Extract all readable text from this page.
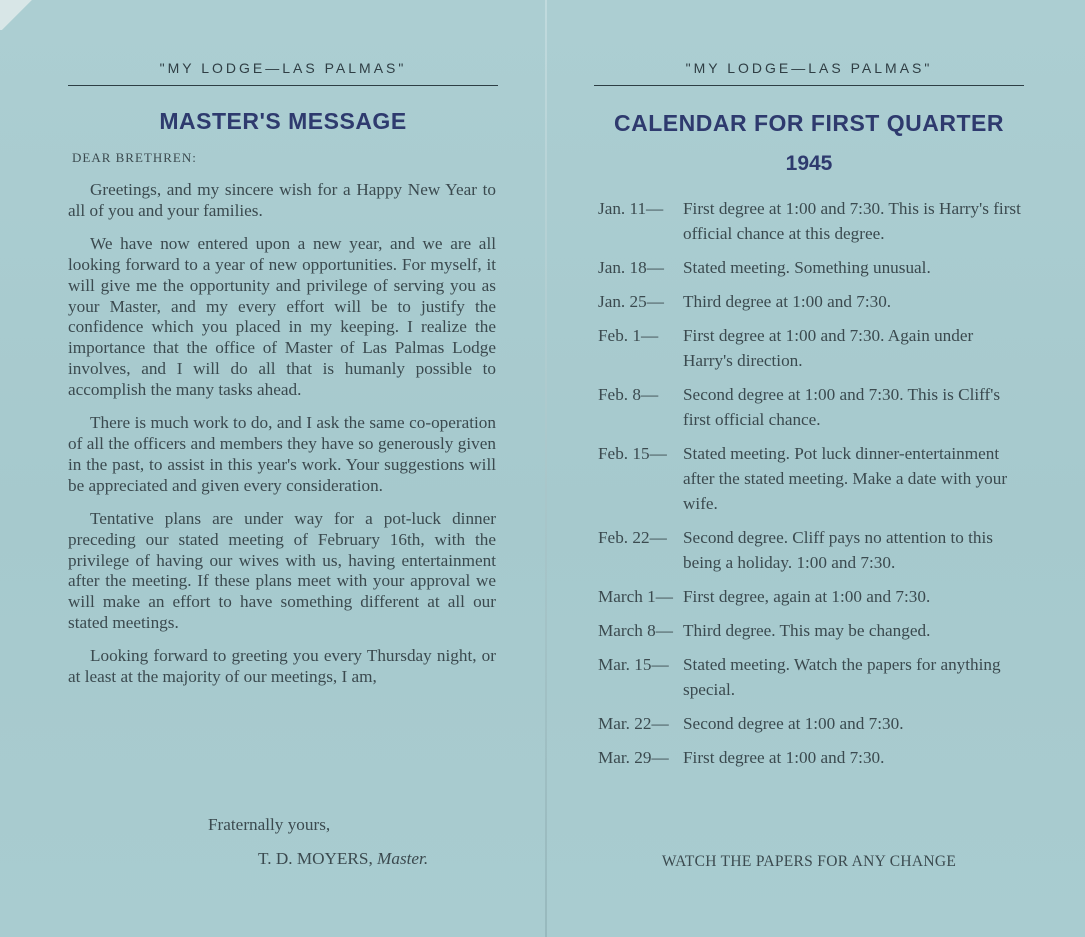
"MY LODGE—LAS PALMAS"
MASTER'S MESSAGE
DEAR BRETHREN:

Greetings, and my sincere wish for a Happy New Year to all of you and your families.

We have now entered upon a new year, and we are all looking forward to a year of new opportunities. For myself, it will give me the opportunity and privilege of serving you as your Master, and my every effort will be to justify the confidence which you placed in my keeping. I realize the importance that the office of Master of Las Palmas Lodge involves, and I will do all that is humanly possible to accomplish the many tasks ahead.

There is much work to do, and I ask the same co-operation of all the officers and members they have so generously given in the past, to assist in this year's work. Your suggestions will be appreciated and given every consideration.

Tentative plans are under way for a pot-luck dinner preceding our stated meeting of February 16th, with the privilege of having our wives with us, having entertainment after the meeting. If these plans meet with your approval we will make an effort to have something different at all our stated meetings.

Looking forward to greeting you every Thursday night, or at least at the majority of our meetings, I am,

Fraternally yours,
T. D. MOYERS, Master.
"MY LODGE—LAS PALMAS"
CALENDAR FOR FIRST QUARTER
1945
Jan. 11—	First degree at 1:00 and 7:30. This is Harry's first official chance at this degree.
Jan. 18—	Stated meeting. Something unusual.
Jan. 25—	Third degree at 1:00 and 7:30.
Feb. 1—	First degree at 1:00 and 7:30. Again under Harry's direction.
Feb. 8—	Second degree at 1:00 and 7:30. This is Cliff's first official chance.
Feb. 15— Stated meeting. Pot luck dinner-entertainment after the stated meeting. Make a date with your wife.
Feb. 22— Second degree. Cliff pays no attention to this being a holiday. 1:00 and 7:30.
March 1— First degree, again at 1:00 and 7:30.
March 8— Third degree. This may be changed.
Mar. 15— Stated meeting. Watch the papers for anything special.
Mar. 22— Second degree at 1:00 and 7:30.
Mar. 29— First degree at 1:00 and 7:30.
WATCH THE PAPERS FOR ANY CHANGE
